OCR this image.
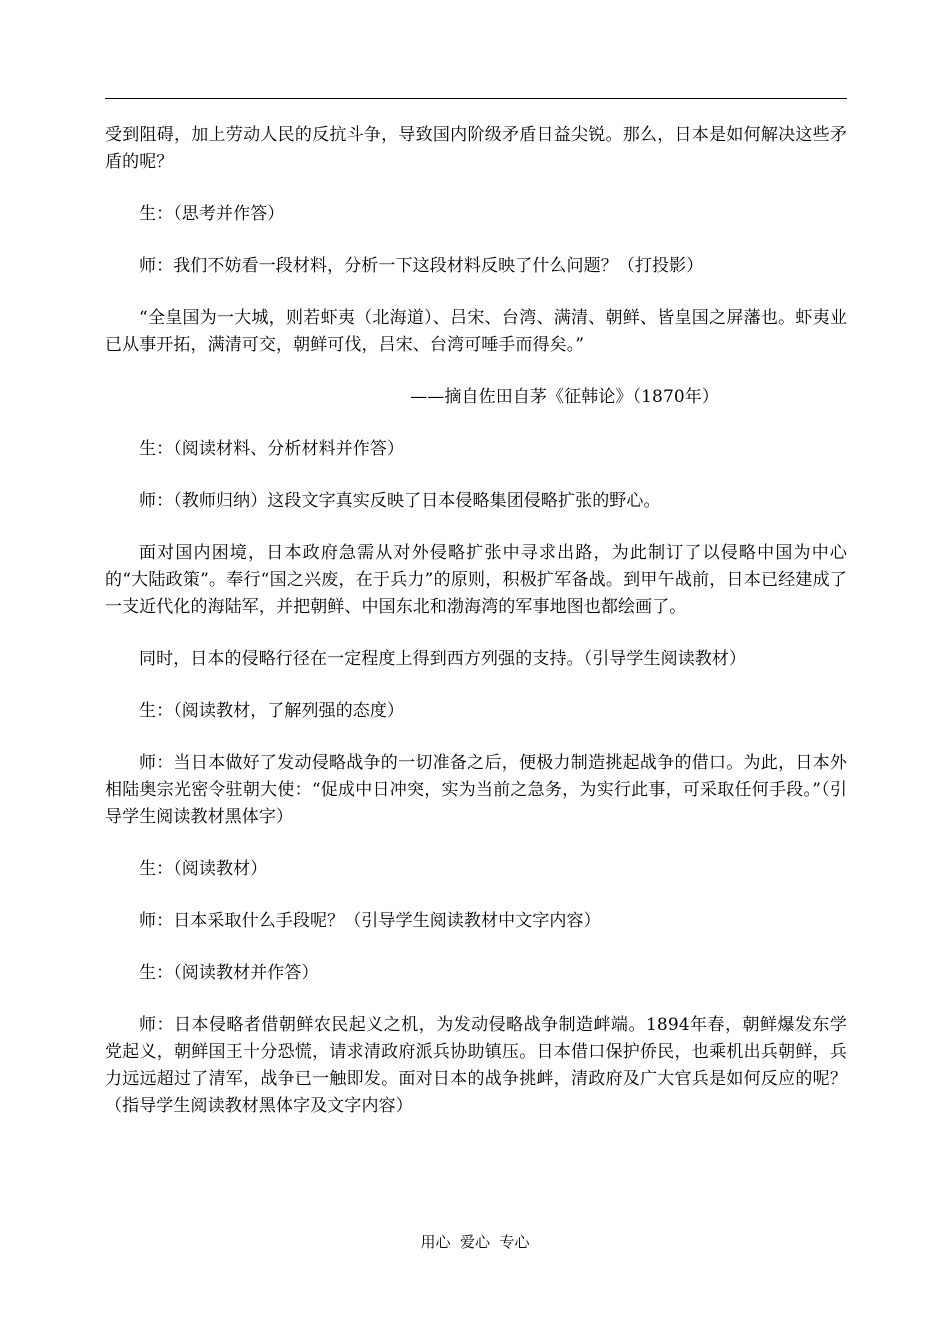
受到阻碍，加上劳动人民的反抗斗争，导致国内阶级矛盾日益尖锐。那么，日本是如何解决这些矛盾的呢？

生：（思考并作答）

师：我们不妨看一段材料，分析一下这段材料反映了什么问题？（打投影）

“全皇国为一大城，则若虾夷（北海道）、吕宋、台湾、满清、朝鲜、皆皇国之屏藩也。虾夷业已从事开拓，满清可交，朝鲜可伐，吕宋、台湾可唾手而得矣。”

——摘自佐田自茅《征韩论》（1870年）

生：（阅读材料、分析材料并作答）

师：（教师归纳）这段文字真实反映了日本侵略集团侵略扩张的野心。

面对国内困境，日本政府急需从对外侵略扩张中寻求出路，为此制订了以侵略中国为中心的“大陆政策”。奉行“国之兴废，在于兵力”的原则，积极扩军备战。到甲午战前，日本已经建成了一支近代化的海陆军，并把朝鲜、中国东北和渤海湾的军事地图也都绘画了。

同时，日本的侵略行径在一定程度上得到西方列强的支持。（引导学生阅读教材）

生：（阅读教材，了解列强的态度）

师：当日本做好了发动侵略战争的一切准备之后，便极力制造挑起战争的借口。为此，日本外相陆奥宗光密令驻朝大使：“促成中日冲突，实为当前之急务，为实行此事，可采取任何手段。”（引导学生阅读教材黑体字）

生：（阅读教材）

师：日本采取什么手段呢？（引导学生阅读教材中文字内容）

生：（阅读教材并作答）

师：日本侵略者借朝鲜农民起义之机，为发动侵略战争制造衅端。1894年春，朝鲜爆发东学党起义，朝鲜国王十分恐慌，请求清政府派兵协助镇压。日本借口保护侨民，也乘机出兵朝鲜，兵力远远超过了清军，战争已一触即发。面对日本的战争挑衅，清政府及广大官兵是如何反应的呢？（指导学生阅读教材黑体字及文字内容）

用心  爱心  专心
